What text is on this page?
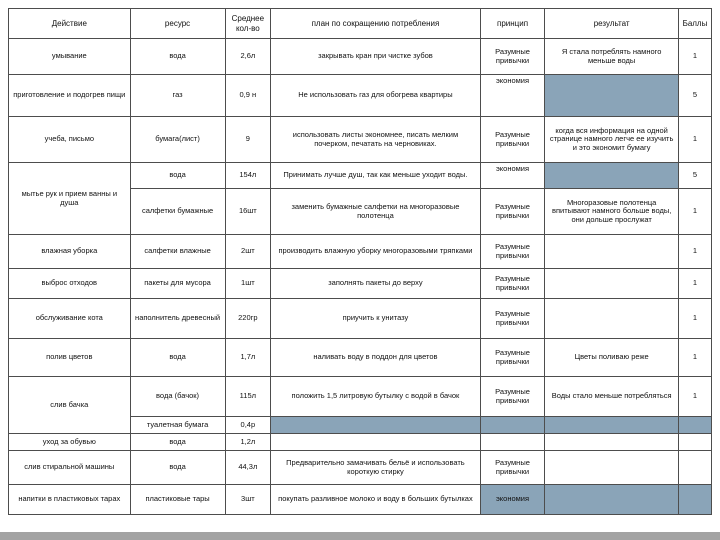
Действие	ресурс	Среднее кол-во	план по сокращению потребления	принцип	результат	Баллы
умывание	вода	2,6л	закрывать кран при чистке зубов	Разумные привычки	Я стала потреблять намного меньше воды	1
приготовление и подогрев пищи	газ	0,9 н	Не использовать газ для обогрева квартиры	экономия		5
учеба, письмо	бумага(лист)	9	использовать листы экономнее, писать мелким почерком, печатать на черновиках.	Разумные привычки	когда вся информация на одной странице намного легче ее изучить и это экономит бумагу	1
мытье рук и прием ванны и душа	вода	154л	Принимать лучше душ, так как меньше уходит воды.	экономия		5
	салфетки бумажные	16шт	заменить бумажные салфетки на многоразовые полотенца	Разумные привычки	Многоразовые полотенца впитывают намного больше воды, они дольше прослужат	1
влажная уборка	салфетки влажные	2шт	производить влажную уборку многоразовыми тряпками	Разумные привычки		1
выброс отходов	пакеты для мусора	1шт	заполнять пакеты до верху	Разумные привычки		1
обслуживание кота	наполнитель древесный	220гр	приучить к унитазу	Разумные привычки		1
полив цветов	вода	1,7л	наливать воду в поддон для цветов	Разумные привычки	Цветы поливаю реже	1
слив бачка	вода (бачок)	115л	положить 1,5 литровую бутылку с водой в бачок	Разумные привычки	Воды стало меньше потребляться	1
	туалетная бумага	0,4р				
уход за обувью	вода	1,2л				
слив стиральной машины	вода	44,3л	Предварительно замачивать бельё и использовать короткую стирку	Разумные привычки		
напитки в пластиковых тарах	пластиковые тары	3шт	покупать разливное молоко и воду в больших бутылках	экономия		
